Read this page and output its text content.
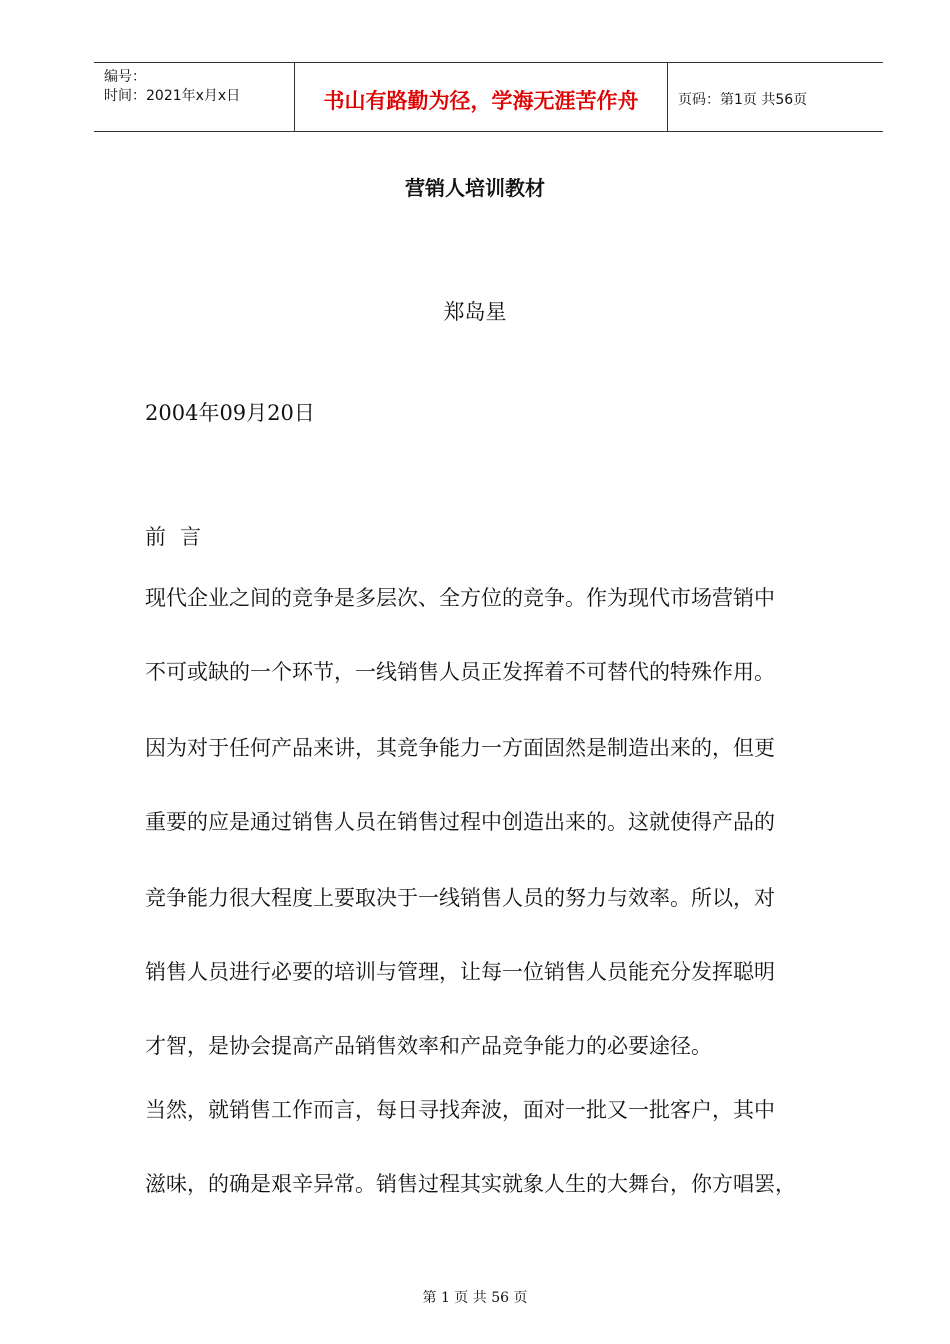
编号：
时间：2021年x月x日	书山有路勤为径，学海无涯苦作舟	页码：第1页 共56页
营销人培训教材
郑岛星
2004年09月20日
前言
现代企业之间的竞争是多层次、全方位的竞争。作为现代市场营销中
不可或缺的一个环节，一线销售人员正发挥着不可替代的特殊作用。
因为对于任何产品来讲，其竞争能力一方面固然是制造出来的，但更
重要的应是通过销售人员在销售过程中创造出来的。这就使得产品的
竞争能力很大程度上要取决于一线销售人员的努力与效率。所以，对
销售人员进行必要的培训与管理，让每一位销售人员能充分发挥聪明
才智，是协会提高产品销售效率和产品竞争能力的必要途径。
当然，就销售工作而言，每日寻找奔波，面对一批又一批客户，其中
滋味，的确是艰辛异常。销售过程其实就象人生的大舞台，你方唱罢，
第 1 页 共 56 页
